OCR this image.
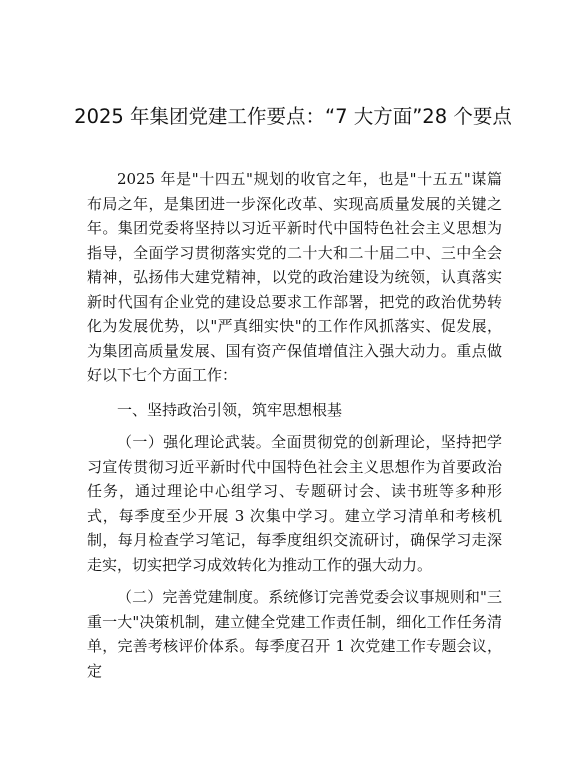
2025 年集团党建工作要点：“7 大方面”28 个要点

2025 年是"十四五"规划的收官之年，也是"十五五"谋篇布局之年，是集团进一步深化改革、实现高质量发展的关键之年。集团党委将坚持以习近平新时代中国特色社会主义思想为指导，全面学习贯彻落实党的二十大和二十届二中、三中全会精神，弘扬伟大建党精神，以党的政治建设为统领，认真落实新时代国有企业党的建设总要求工作部署，把党的政治优势转化为发展优势，以"严真细实快"的工作作风抓落实、促发展，为集团高质量发展、国有资产保值增值注入强大动力。重点做好以下七个方面工作：

一、坚持政治引领，筑牢思想根基

（一）强化理论武装。全面贯彻党的创新理论，坚持把学习宣传贯彻习近平新时代中国特色社会主义思想作为首要政治任务，通过理论中心组学习、专题研讨会、读书班等多种形式，每季度至少开展 3 次集中学习。建立学习清单和考核机制，每月检查学习笔记，每季度组织交流研讨，确保学习走深走实，切实把学习成效转化为推动工作的强大动力。

（二）完善党建制度。系统修订完善党委会议事规则和"三重一大"决策机制，建立健全党建工作责任制，细化工作任务清单，完善考核评价体系。每季度召开 1 次党建工作专题会议，定
